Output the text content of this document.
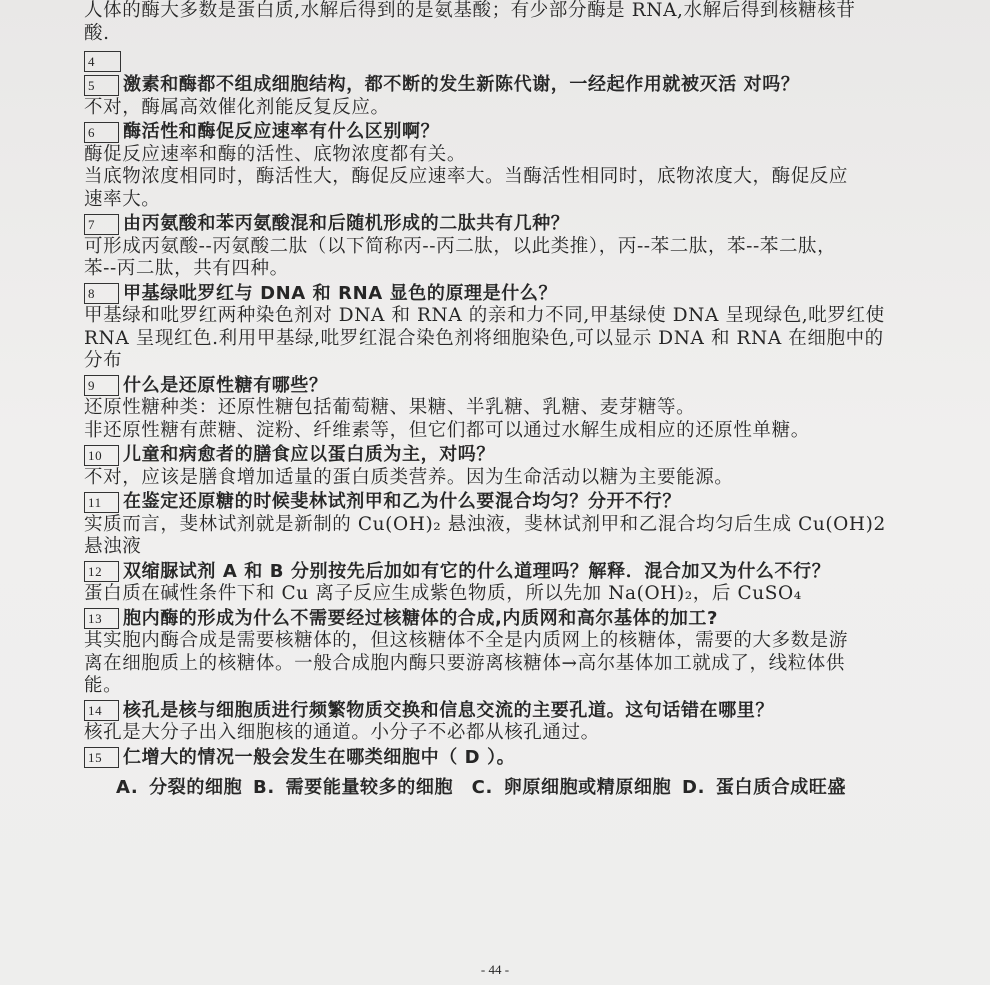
人体的酶大多数是蛋白质,水解后得到的是氨基酸；有少部分酶是 RNA,水解后得到核糖核苷
酸.
4
5	激素和酶都不组成细胞结构，都不断的发生新陈代谢，一经起作用就被灭活 对吗？
不对，酶属高效催化剂能反复反应。
6	酶活性和酶促反应速率有什么区别啊？
酶促反应速率和酶的活性、底物浓度都有关。
当底物浓度相同时，酶活性大，酶促反应速率大。当酶活性相同时，底物浓度大，酶促反应
速率大。
7	由丙氨酸和苯丙氨酸混和后随机形成的二肽共有几种？
可形成丙氨酸--丙氨酸二肽（以下简称丙--丙二肽，以此类推），丙--苯二肽，苯--苯二肽，
苯--丙二肽，共有四种。
8	甲基绿吡罗红与 DNA 和 RNA 显色的原理是什么？
甲基绿和吡罗红两种染色剂对 DNA 和 RNA 的亲和力不同,甲基绿使 DNA 呈现绿色,吡罗红使
RNA 呈现红色.利用甲基绿,吡罗红混合染色剂将细胞染色,可以显示 DNA 和 RNA 在细胞中的
分布
9	什么是还原性糖有哪些？
还原性糖种类：还原性糖包括葡萄糖、果糖、半乳糖、乳糖、麦芽糖等。
非还原性糖有蔗糖、淀粉、纤维素等，但它们都可以通过水解生成相应的还原性单糖。
10	儿童和病愈者的膳食应以蛋白质为主，对吗？
不对，应该是膳食增加适量的蛋白质类营养。因为生命活动以糖为主要能源。
11	在鉴定还原糖的时候斐林试剂甲和乙为什么要混合均匀？分开不行？
实质而言，斐林试剂就是新制的 Cu(OH)₂ 悬浊液，斐林试剂甲和乙混合均匀后生成 Cu(OH)2
悬浊液
12	双缩脲试剂 A 和 B 分别按先后加如有它的什么道理吗？解释．混合加又为什么不行？
蛋白质在碱性条件下和 Cu 离子反应生成紫色物质，所以先加 Na(OH)₂，后 CuSO₄
13	胞内酶的形成为什么不需要经过核糖体的合成,内质网和高尔基体的加工?
其实胞内酶合成是需要核糖体的，但这核糖体不全是内质网上的核糖体，需要的大多数是游
离在细胞质上的核糖体。一般合成胞内酶只要游离核糖体→高尔基体加工就成了，线粒体供
能。
14	核孔是核与细胞质进行频繁物质交换和信息交流的主要孔道。这句话错在哪里？
核孔是大分子出入细胞核的通道。小分子不必都从核孔通过。
15	仁增大的情况一般会发生在哪类细胞中（ D ）。
A. 分裂的细胞 B. 需要能量较多的细胞　C. 卵原细胞或精原细胞 D. 蛋白质合成旺盛
- 44 -
